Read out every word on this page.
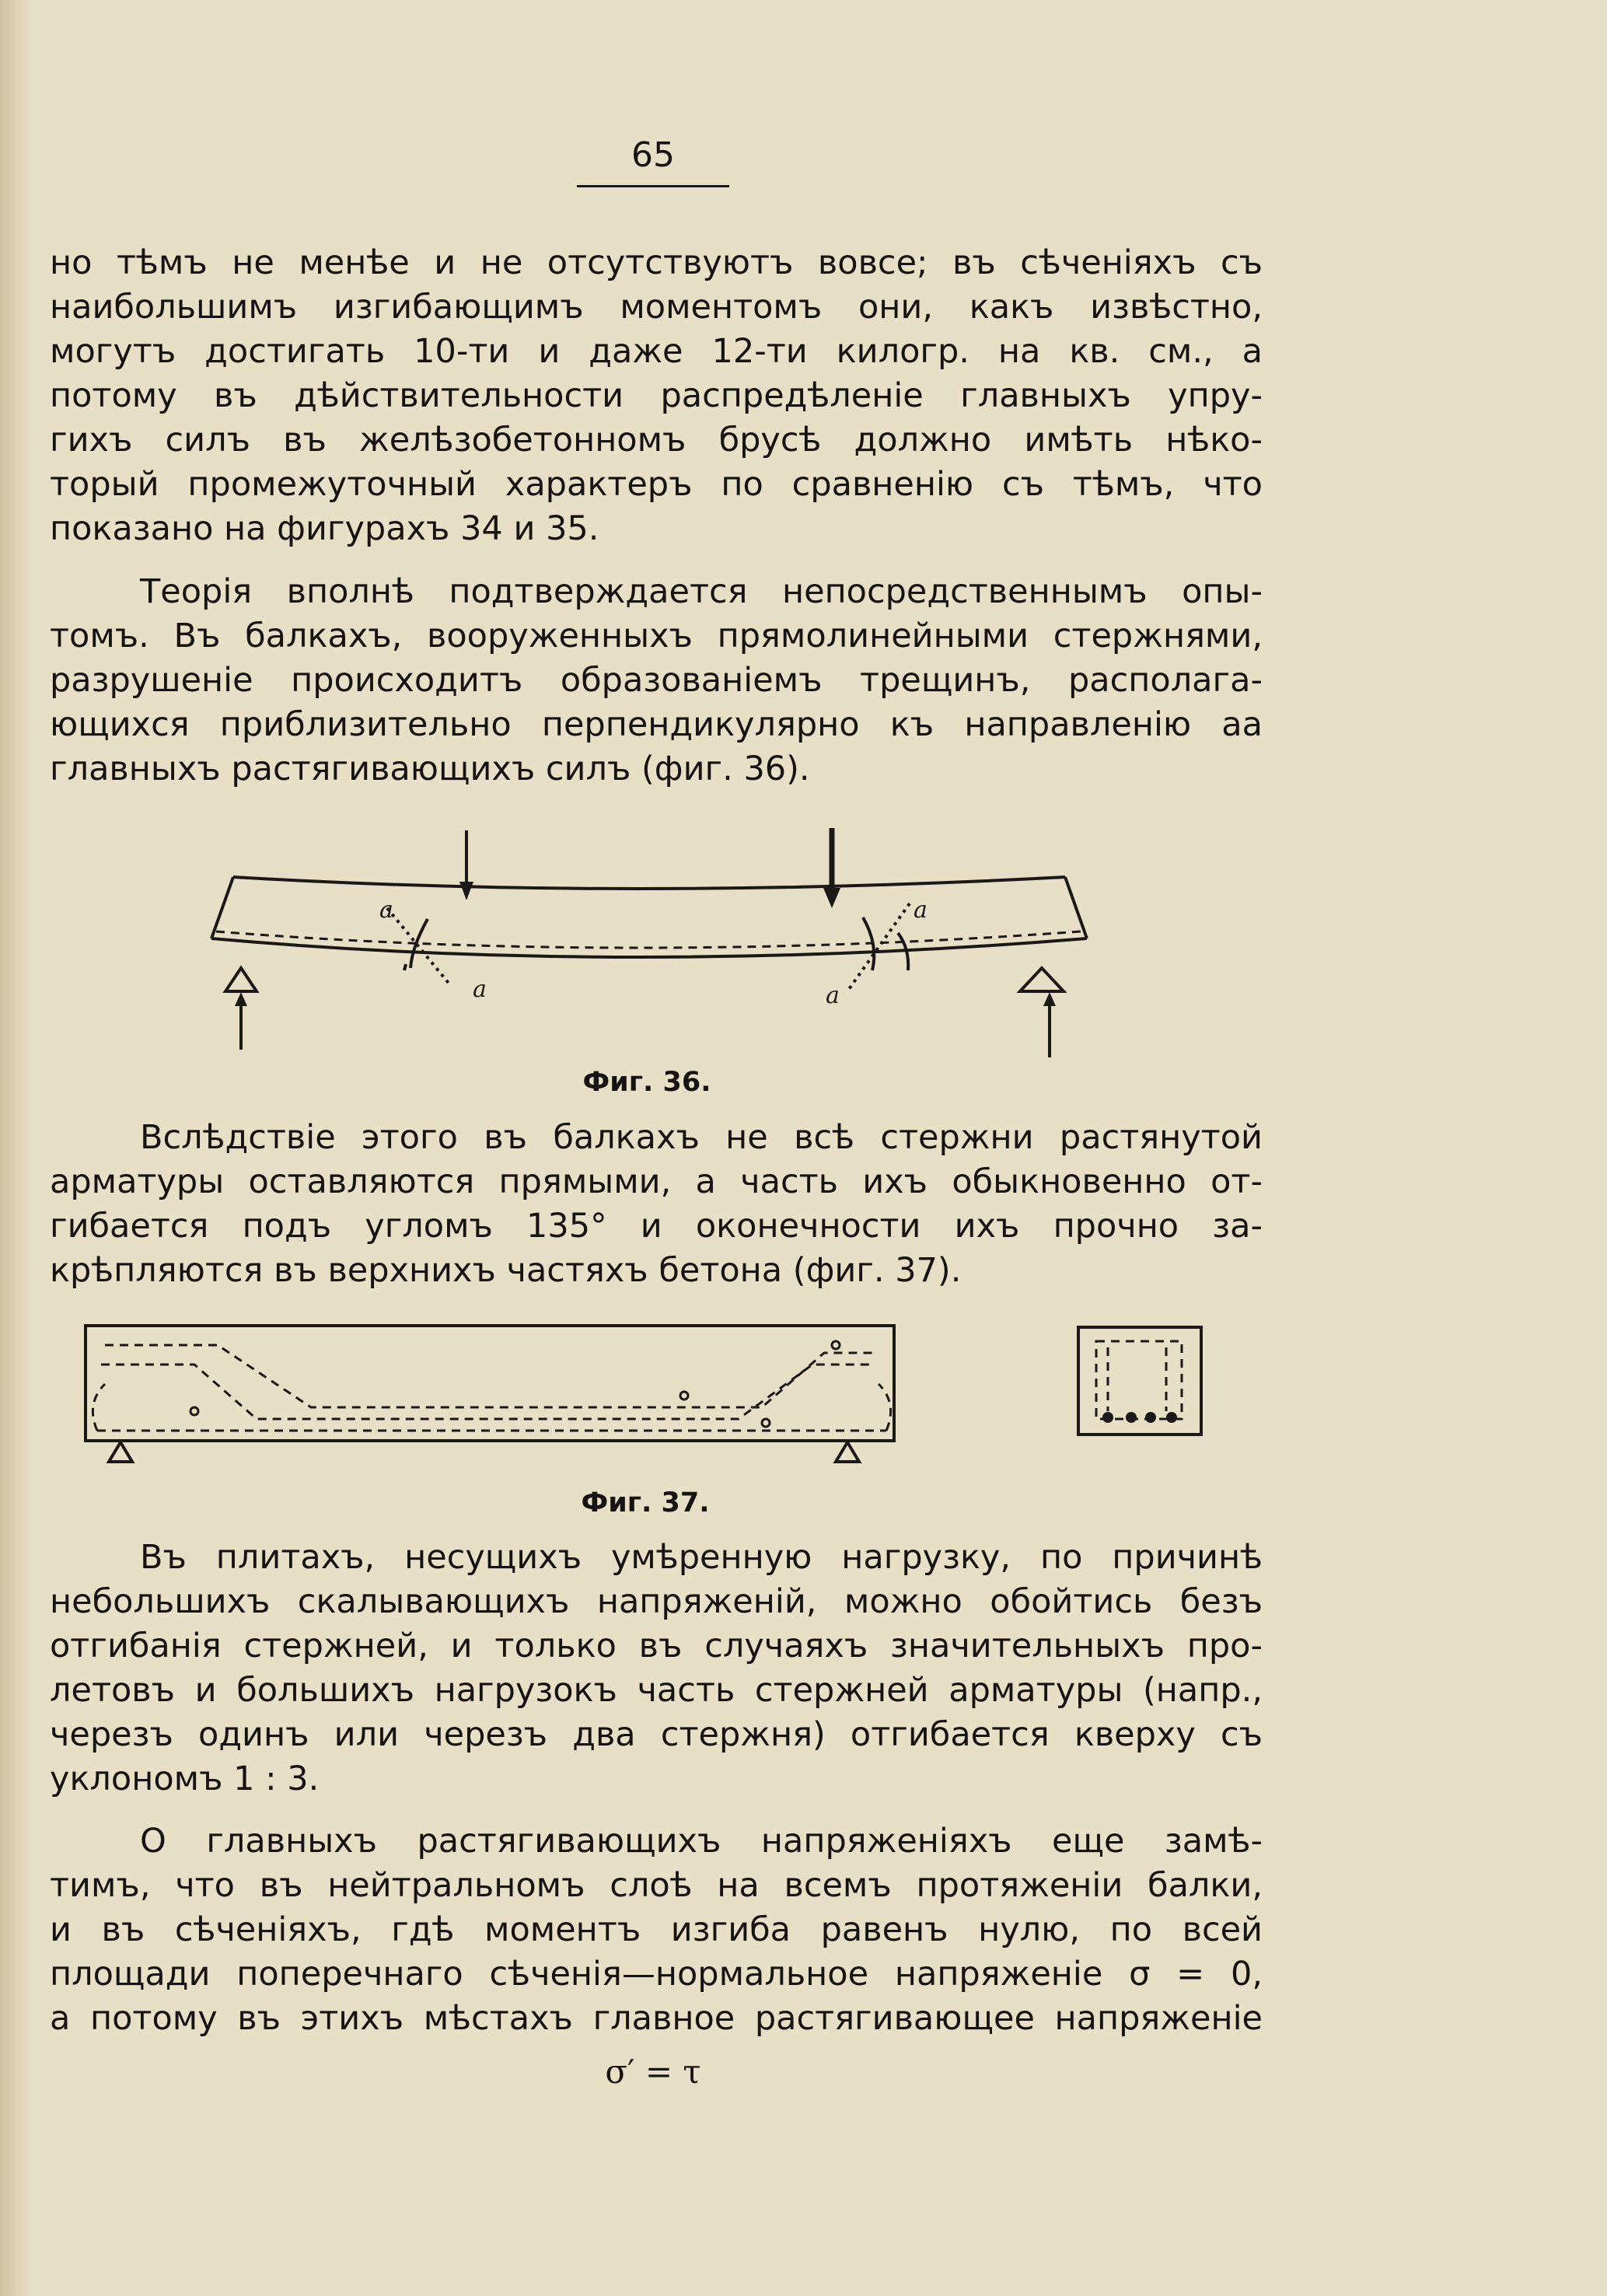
65
но тѣмъ не менѣе и не отсутствуютъ вовсе; въ сѣченіяхъ съ
наибольшимъ изгибающимъ моментомъ они, какъ извѣстно,
могутъ достигать 10-ти и даже 12-ти килогр. на кв. см., а
потому въ дѣйствительности распредѣленіе главныхъ упру-
гихъ силъ въ желѣзобетонномъ брусѣ должно имѣть нѣко-
торый промежуточный характеръ по сравненію съ тѣмъ, что
показано на фигурахъ 34 и 35.
Теорія вполнѣ подтверждается непосредственнымъ опы-
томъ. Въ балкахъ, вооруженныхъ прямолинейными стержнями,
разрушеніе происходитъ образованіемъ трещинъ, располага-
ющихся приблизительно перпендикулярно къ направленію aa
главныхъ растягивающихъ силъ (фиг. 36).
a
a
a
a
Фиг. 36.
Вслѣдствіе этого въ балкахъ не всѣ стержни растянутой
арматуры оставляются прямыми, а часть ихъ обыкновенно от-
гибается подъ угломъ 135° и оконечности ихъ прочно за-
крѣпляются въ верхнихъ частяхъ бетона (фиг. 37).
Фиг. 37.
Въ плитахъ, несущихъ умѣренную нагрузку, по причинѣ
небольшихъ скалывающихъ напряженій, можно обойтись безъ
отгибанія стержней, и только въ случаяхъ значительныхъ про-
летовъ и большихъ нагрузокъ часть стержней арматуры (напр.,
черезъ одинъ или черезъ два стержня) отгибается кверху съ
уклономъ 1 : 3.
О главныхъ растягивающихъ напряженіяхъ еще замѣ-
тимъ, что въ нейтральномъ слоѣ на всемъ протяженіи балки,
и въ сѣченіяхъ, гдѣ моментъ изгиба равенъ нулю, по всей
площади поперечнаго сѣченія—нормальное напряженіе σ = 0,
а потому въ этихъ мѣстахъ главное растягивающее напряженіе
σ′ = τ
